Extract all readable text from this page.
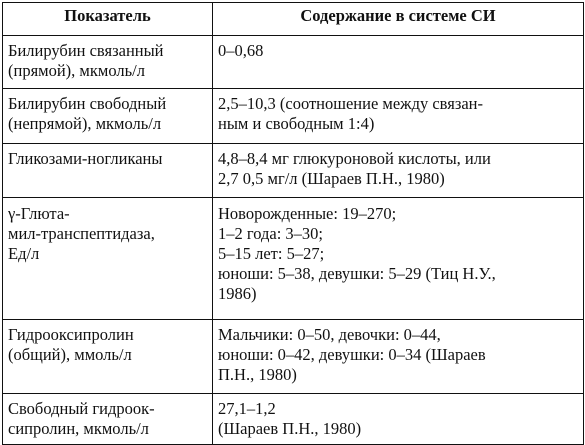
Показатель	Содержание в системе СИ

Билирубин связанный
(прямой), мкмоль/л	0–0,68

Билирубин свободный
(непрямой), мкмоль/л	2,5–10,3 (соотношение между связан-
ным и свободным 1:4)

Гликозами-ногликаны	4,8–8,4 мг глюкуроновой кислоты, или
2,7 0,5 мг/л (Шараев П.Н., 1980)

γ-Глюта-
мил-транспептидаза,
Ед/л	Новорожденные: 19–270;
1–2 года: 3–30;
5–15 лет: 5–27;
юноши: 5–38, девушки: 5–29 (Тиц Н.У.,
1986)

Гидрооксипролин
(общий), ммоль/л	Мальчики: 0–50, девочки: 0–44,
юноши: 0–42, девушки: 0–34 (Шараев
П.Н., 1980)

Свободный гидроок-
сипролин, мкмоль/л	27,1–1,2
(Шараев П.Н., 1980)
